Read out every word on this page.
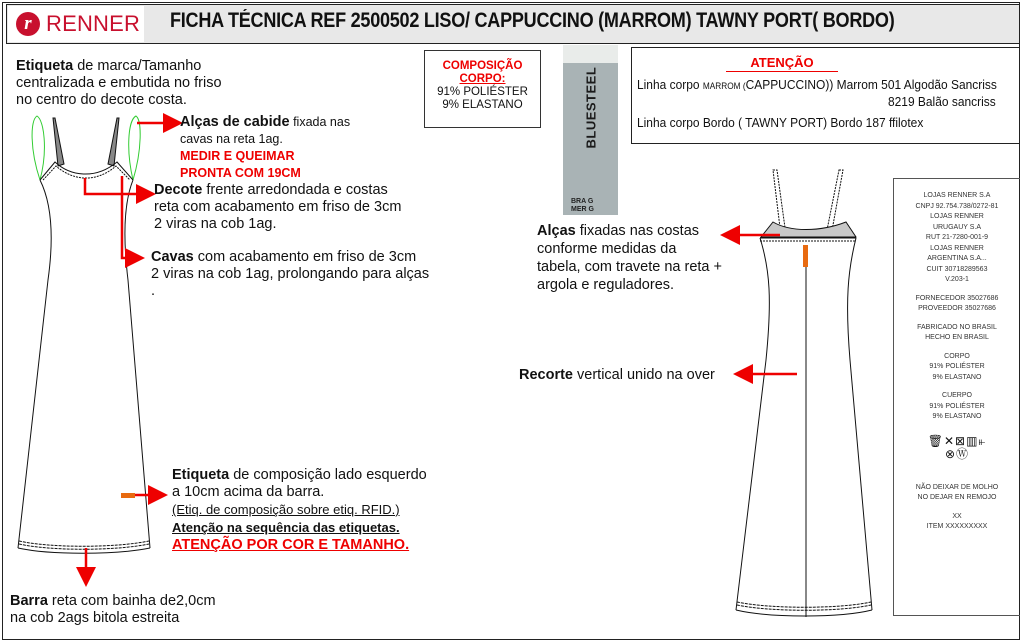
r RENNER FICHA TÉCNICA REF 2500502 LISO/ CAPPUCCINO (MARROM) TAWNY PORT( BORDO)
Etiqueta de marca/Tamanho
centralizada e embutida no friso
no centro do decote costa.
Alças de cabide fixada nas
cavas na reta 1ag.
MEDIR E QUEIMAR
PRONTA COM 19CM
Decote frente arredondada e costas
reta com acabamento em friso de 3cm
2 viras na cob 1ag.
Cavas com acabamento em friso de 3cm
2 viras na cob 1ag, prolongando para alças
.
Etiqueta de composição lado esquerdo
a 10cm acima da barra.
(Etiq. de composição sobre etiq. RFID.)
Atenção na sequência das etiquetas.
ATENÇÃO POR COR E TAMANHO.
Barra reta com bainha de2,0cm
na cob 2ags bitola estreita
COMPOSIÇÃO
CORPO:
91% POLIÉSTER
9% ELASTANO	BLUESTEEL
BRA G
MER G
ATENÇÃO
Linha corpo MARROM (CAPPUCCINO)) Marrom 501 Algodão Sancriss
8219 Balão sancriss
Linha corpo Bordo ( TAWNY PORT) Bordo 187 ffilotex
Alças fixadas nas costas
conforme medidas da
tabela, com travete na reta +
argola e reguladores.
Recorte vertical unido na over
LOJAS RENNER S.A
CNPJ 92.754.738/0272-81
LOJAS RENNER
URUGAUY S.A
RUT 21-7280-001-9
LOJAS RENNER
ARGENTINA S.A...
CUIT 30718289563
V.203-1
FORNECEDOR 35027686
PROVEEDOR 35027686
FABRICADO NO BRASIL
HECHO EN BRASIL
CORPO
91% POLIÉSTER
9% ELASTANO
CUERPO
91% POLIÉSTER
9% ELASTANO
🗑✕⊠▥⫦
⊗Ⓦ
NÃO DEIXAR DE MOLHO
NO DEJAR EN REMOJO
XX
ITEM XXXXXXXXX
